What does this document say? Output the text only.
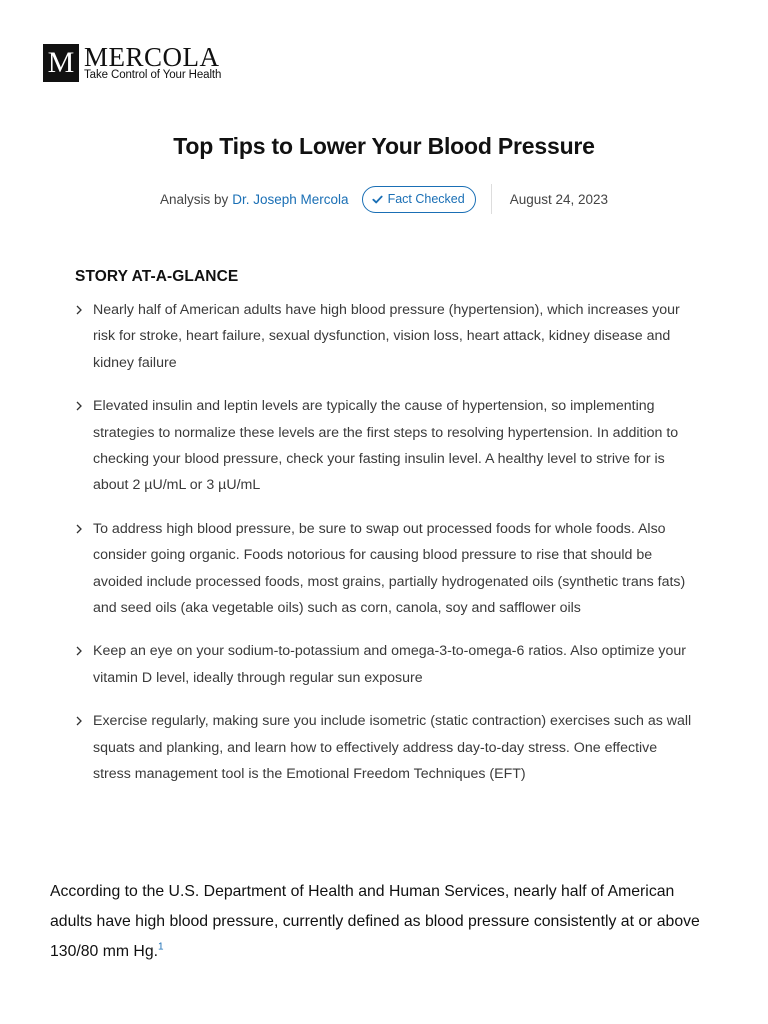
M MERCOLA
Take Control of Your Health
Top Tips to Lower Your Blood Pressure
Analysis by Dr. Joseph Mercola	Fact Checked	August 24, 2023
STORY AT-A-GLANCE
Nearly half of American adults have high blood pressure (hypertension), which increases your risk for stroke, heart failure, sexual dysfunction, vision loss, heart attack, kidney disease and kidney failure
Elevated insulin and leptin levels are typically the cause of hypertension, so implementing strategies to normalize these levels are the first steps to resolving hypertension. In addition to checking your blood pressure, check your fasting insulin level. A healthy level to strive for is about 2 µU/mL or 3 µU/mL
To address high blood pressure, be sure to swap out processed foods for whole foods. Also consider going organic. Foods notorious for causing blood pressure to rise that should be avoided include processed foods, most grains, partially hydrogenated oils (synthetic trans fats) and seed oils (aka vegetable oils) such as corn, canola, soy and safflower oils
Keep an eye on your sodium-to-potassium and omega-3-to-omega-6 ratios. Also optimize your vitamin D level, ideally through regular sun exposure
Exercise regularly, making sure you include isometric (static contraction) exercises such as wall squats and planking, and learn how to effectively address day-to-day stress. One effective stress management tool is the Emotional Freedom Techniques (EFT)

According to the U.S. Department of Health and Human Services, nearly half of American adults have high blood pressure, currently defined as blood pressure consistently at or above 130/80 mm Hg.$^1$
